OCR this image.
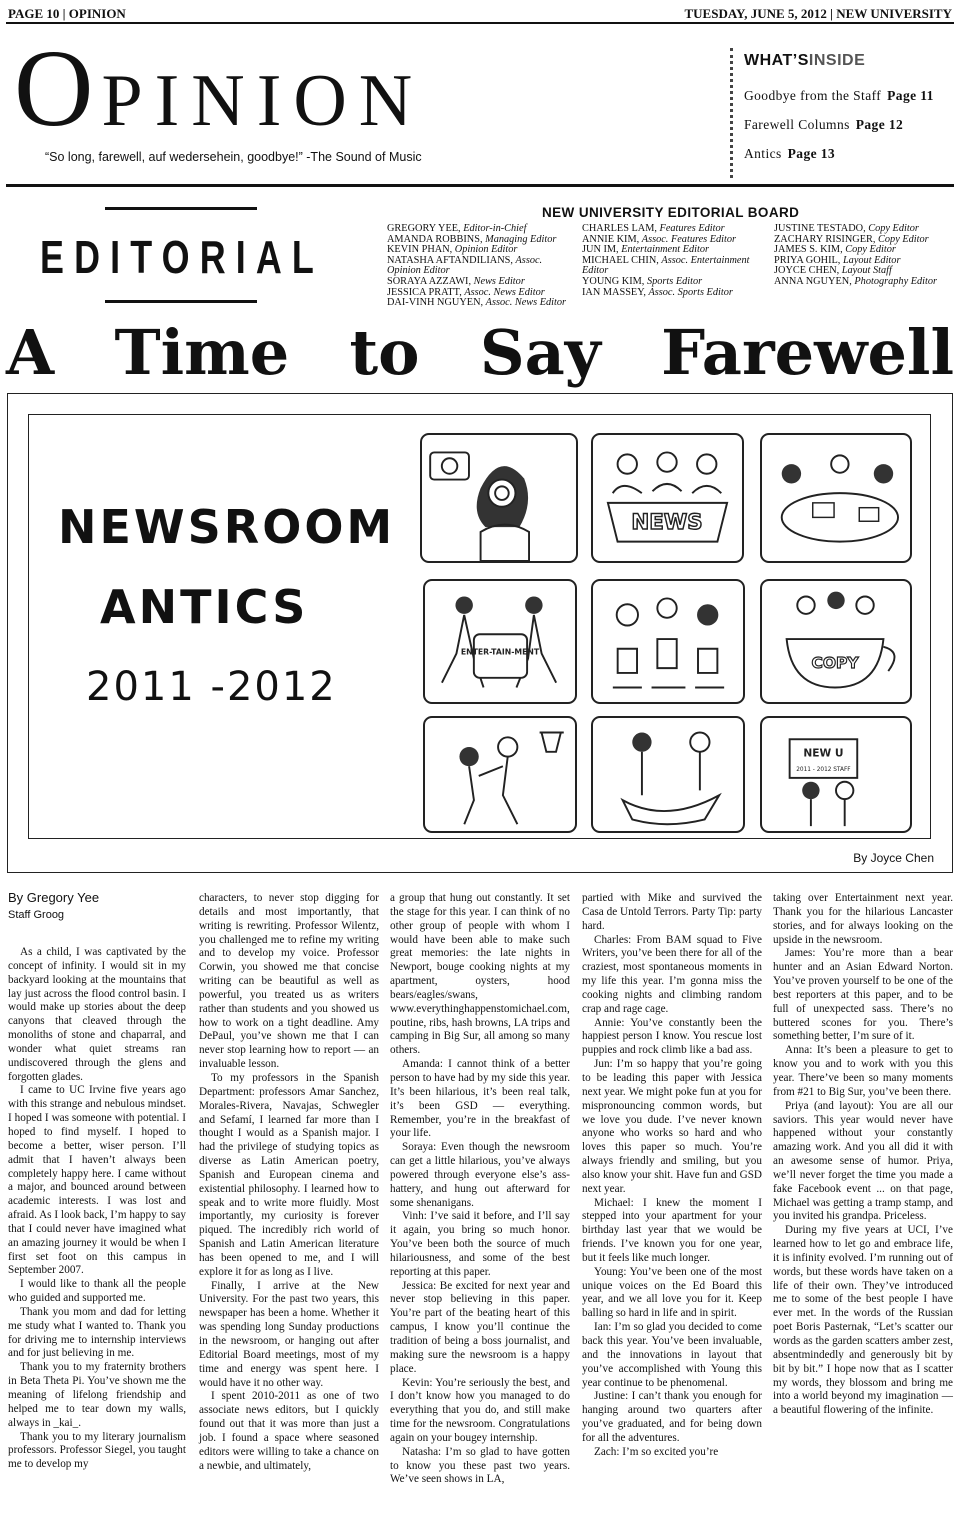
PAGE 10 | OPINION	TUESDAY, JUNE 5, 2012 | NEW UNIVERSITY
OPINION
“So long, farewell, auf wedersehein, goodbye!” -The Sound of Music
WHAT’SINSIDE
Goodbye from the Staff Page 11
Farewell Columns Page 12
Antics Page 13
EDITORIAL
NEW UNIVERSITY EDITORIAL BOARD
GREGORY YEE, Editor-in-Chief
AMANDA ROBBINS, Managing Editor
KEVIN PHAN, Opinion Editor
NATASHA AFTANDILIANS, Assoc. Opinion Editor
SORAYA AZZAWI, News Editor
JESSICA PRATT, Assoc. News Editor
DAI-VINH NGUYEN, Assoc. News Editor
CHARLES LAM, Features Editor
ANNIE KIM, Assoc. Features Editor
JUN IM, Entertainment Editor
MICHAEL CHIN, Assoc. Entertainment Editor
YOUNG KIM, Sports Editor
IAN MASSEY, Assoc. Sports Editor
JUSTINE TESTADO, Copy Editor
ZACHARY RISINGER, Copy Editor
JAMES S. KIM, Copy Editor
PRIYA GOHIL, Layout Editor
JOYCE CHEN, Layout Staff
ANNA NGUYEN, Photography Editor
A Time to Say Farewell
NEWSROOM
ANTICS
2011 -2012
NEWS
ENTER-TAIN-MENT
COPY
NEW U
2011 - 2012 STAFF
By Joyce Chen
By Gregory Yee
Staff Groog

As a child, I was captivated by the concept of infinity. I would sit in my backyard looking at the mountains that lay just across the flood control basin. I would make up stories about the deep canyons that cleaved through the monoliths of stone and chaparral, and wonder what quiet streams ran undiscovered through the glens and forgotten glades.

I came to UC Irvine five years ago with this strange and nebulous mindset. I hoped I was someone with potential. I hoped to find myself. I hoped to become a better, wiser person. I’ll admit that I haven’t always been completely happy here. I came without a major, and bounced around between academic interests. I was lost and afraid. As I look back, I’m happy to say that I could never have imagined what an amazing journey it would be when I first set foot on this campus in September 2007.

I would like to thank all the people who guided and supported me.

Thank you mom and dad for letting me study what I wanted to. Thank you for driving me to internship interviews and for just believing in me.

Thank you to my fraternity brothers in Beta Theta Pi. You’ve shown me the meaning of lifelong friendship and helped me to tear down my walls, always in _kai_.

Thank you to my literary journalism professors. Professor Siegel, you taught me to develop my

characters, to never stop digging for details and most importantly, that writing is rewriting. Professor Wilentz, you challenged me to refine my writing and to develop my voice. Professor Corwin, you showed me that concise writing can be beautiful as well as powerful, you treated us as writers rather than students and you showed us how to work on a tight deadline. Amy DePaul, you’ve shown me that I can never stop learning how to report — an invaluable lesson.

To my professors in the Spanish Department: professors Amar Sanchez, Morales-Rivera, Navajas, Schwegler and Sefamí, I learned far more than I thought I would as a Spanish major. I had the privilege of studying topics as diverse as Latin American poetry, Spanish and European cinema and existential philosophy. I learned how to speak and to write more fluidly. Most importantly, my curiosity is forever piqued. The incredibly rich world of Spanish and Latin American literature has been opened to me, and I will explore it for as long as I live.

Finally, I arrive at the New University. For the past two years, this newspaper has been a home. Whether it was spending long Sunday productions in the newsroom, or hanging out after Editorial Board meetings, most of my time and energy was spent here. I would have it no other way.

I spent 2010-2011 as one of two associate news editors, but I quickly found out that it was more than just a job. I found a space where seasoned editors were willing to take a chance on a newbie, and ultimately,

a group that hung out constantly. It set the stage for this year. I can think of no other group of people with whom I would have been able to make such great memories: the late nights in Newport, bouge cooking nights at my apartment, oysters, hood bears/eagles/swans, www.everythinghappenstomichael.com, poutine, ribs, hash browns, LA trips and camping in Big Sur, all among so many others.

Amanda: I cannot think of a better person to have had by my side this year. It’s been hilarious, it’s been real talk, it’s been GSD — everything. Remember, you’re in the breakfast of your life.

Soraya: Even though the newsroom can get a little hilarious, you’ve always powered through everyone else’s ass-hattery, and hung out afterward for some shenanigans.

Vinh: I’ve said it before, and I’ll say it again, you bring so much honor. You’ve been both the source of much hilariousness, and some of the best reporting at this paper.

Jessica: Be excited for next year and never stop believing in this paper. You’re part of the beating heart of this campus, I know you’ll continue the tradition of being a boss journalist, and making sure the newsroom is a happy place.

Kevin: You’re seriously the best, and I don’t know how you managed to do everything that you do, and still make time for the newsroom. Congratulations again on your bougey internship.

Natasha: I’m so glad to have gotten to know you these past two years. We’ve seen shows in LA,

partied with Mike and survived the Casa de Untold Terrors. Party Tip: party hard.

Charles: From BAM squad to Five Writers, you’ve been there for all of the craziest, most spontaneous moments in my life this year. I’m gonna miss the cooking nights and climbing random crap and rage cage.

Annie: You’ve constantly been the happiest person I know. You rescue lost puppies and rock climb like a bad ass.

Jun: I’m so happy that you’re going to be leading this paper with Jessica next year. We might poke fun at you for mispronouncing common words, but we love you dude. I’ve never known anyone who works so hard and who loves this paper so much. You’re always friendly and smiling, but you also know your shit. Have fun and GSD next year.

Michael: I knew the moment I stepped into your apartment for your birthday last year that we would be friends. I’ve known you for one year, but it feels like much longer.

Young: You’ve been one of the most unique voices on the Ed Board this year, and we all love you for it. Keep balling so hard in life and in spirit.

Ian: I’m so glad you decided to come back this year. You’ve been invaluable, and the innovations in layout that you’ve accomplished with Young this year continue to be phenomenal.

Justine: I can’t thank you enough for hanging around two quarters after you’ve graduated, and for being down for all the adventures.

Zach: I’m so excited you’re

taking over Entertainment next year. Thank you for the hilarious Lancaster stories, and for always looking on the upside in the newsroom.

James: You’re more than a bear hunter and an Asian Edward Norton. You’ve proven yourself to be one of the best reporters at this paper, and to be full of unexpected sass. There’s no buttered scones for you. There’s something better, I’m sure of it.

Anna: It’s been a pleasure to get to know you and to work with you this year. There’ve been so many moments from #21 to Big Sur, you’ve been there.

Priya (and layout): You are all our saviors. This year would never have happened without your constantly amazing work. And you all did it with an awesome sense of humor. Priya, we’ll never forget the time you made a fake Facebook event ... on that page, Michael was getting a tramp stamp, and you invited his grandpa. Priceless.

During my five years at UCI, I’ve learned how to let go and embrace life, it is infinity evolved. I’m running out of words, but these words have taken on a life of their own. They’ve introduced me to some of the best people I have ever met. In the words of the Russian poet Boris Pasternak, “Let’s scatter our words as the garden scatters amber zest, absentmindedly and generously bit by bit by bit.” I hope now that as I scatter my words, they blossom and bring me into a world beyond my imagination — a beautiful flowering of the infinite.
